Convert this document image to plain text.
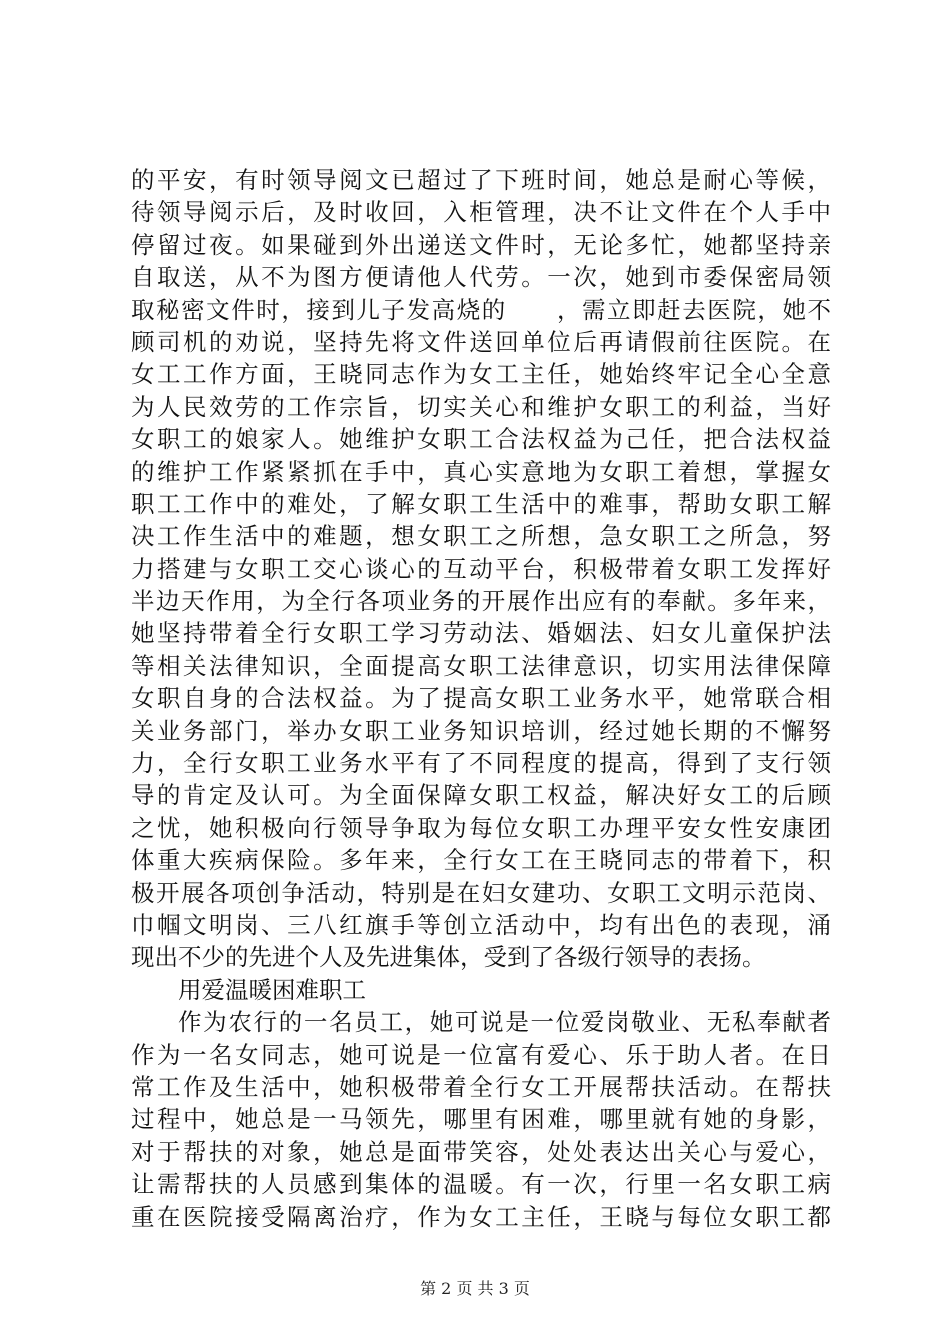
的平安，有时领导阅文已超过了下班时间，她总是耐心等候，
待领导阅示后，及时收回，入柜管理，决不让文件在个人手中
停留过夜。如果碰到外出递送文件时，无论多忙，她都坚持亲
自取送，从不为图方便请他人代劳。一次，她到市委保密局领
取秘密文件时，接到儿子发高烧的　　，需立即赶去医院，她不
顾司机的劝说，坚持先将文件送回单位后再请假前往医院。在
女工工作方面，王晓同志作为女工主任，她始终牢记全心全意
为人民效劳的工作宗旨，切实关心和维护女职工的利益，当好
女职工的娘家人。她维护女职工合法权益为己任，把合法权益
的维护工作紧紧抓在手中，真心实意地为女职工着想，掌握女
职工工作中的难处，了解女职工生活中的难事，帮助女职工解
决工作生活中的难题，想女职工之所想，急女职工之所急，努
力搭建与女职工交心谈心的互动平台，积极带着女职工发挥好
半边天作用，为全行各项业务的开展作出应有的奉献。多年来，
她坚持带着全行女职工学习劳动法、婚姻法、妇女儿童保护法
等相关法律知识，全面提高女职工法律意识，切实用法律保障
女职自身的合法权益。为了提高女职工业务水平，她常联合相
关业务部门，举办女职工业务知识培训，经过她长期的不懈努
力，全行女职工业务水平有了不同程度的提高，得到了支行领
导的肯定及认可。为全面保障女职工权益，解决好女工的后顾
之忧，她积极向行领导争取为每位女职工办理平安女性安康团
体重大疾病保险。多年来，全行女工在王晓同志的带着下，积
极开展各项创争活动，特别是在妇女建功、女职工文明示范岗、
巾帼文明岗、三八红旗手等创立活动中，均有出色的表现，涌
现出不少的先进个人及先进集体，受到了各级行领导的表扬。
用爱温暖困难职工
作为农行的一名员工，她可说是一位爱岗敬业、无私奉献者
作为一名女同志，她可说是一位富有爱心、乐于助人者。在日
常工作及生活中，她积极带着全行女工开展帮扶活动。在帮扶
过程中，她总是一马领先，哪里有困难，哪里就有她的身影，
对于帮扶的对象，她总是面带笑容，处处表达出关心与爱心，
让需帮扶的人员感到集体的温暖。有一次，行里一名女职工病
重在医院接受隔离治疗，作为女工主任，王晓与每位女职工都
第 2 页 共 3 页
